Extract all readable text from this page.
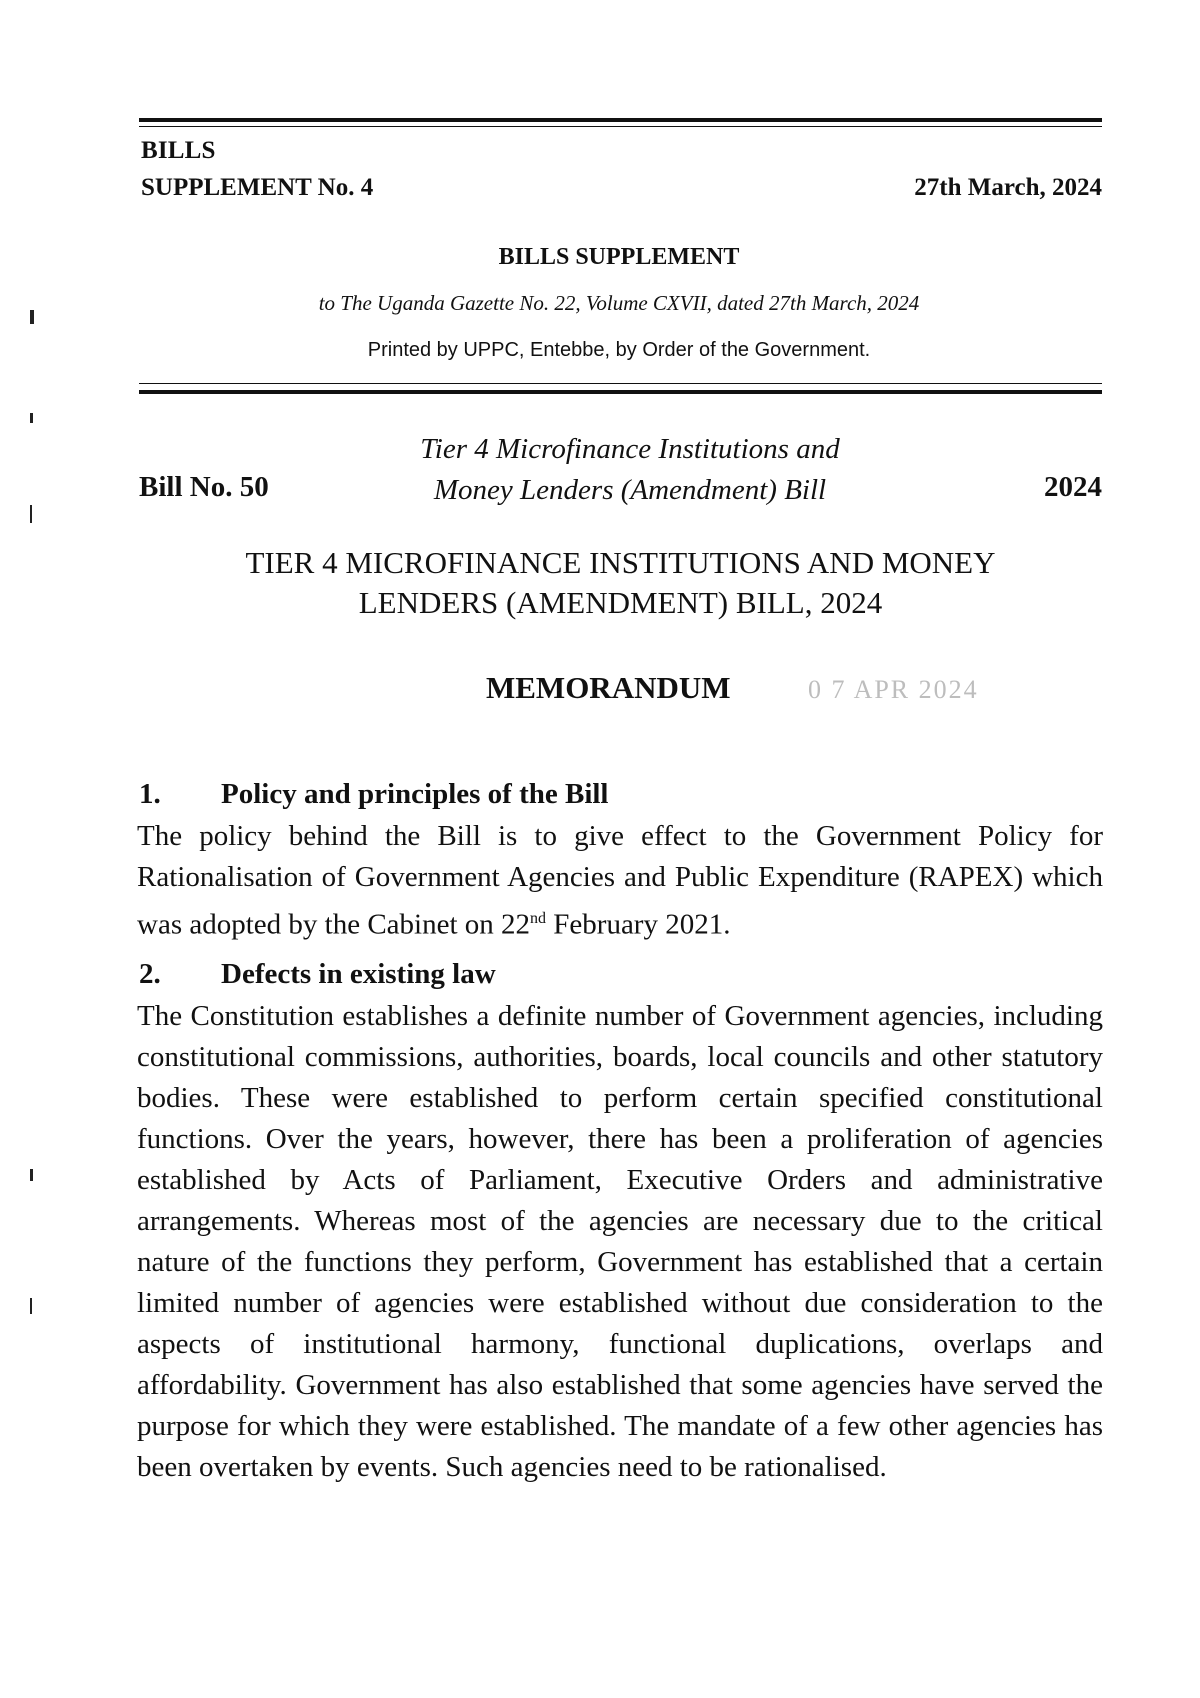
BILLS
SUPPLEMENT No. 4	27th March, 2024
BILLS SUPPLEMENT
to The Uganda Gazette No. 22, Volume CXVII, dated 27th March, 2024
Printed by UPPC, Entebbe, by Order of the Government.
Bill No. 50
Tier 4 Microfinance Institutions and
Money Lenders (Amendment) Bill	2024
TIER 4 MICROFINANCE INSTITUTIONS AND MONEY
LENDERS (AMENDMENT) BILL, 2024
MEMORANDUM	0 7 APR 2024
1. Policy and principles of the Bill
The policy behind the Bill is to give effect to the Government Policy for Rationalisation of Government Agencies and Public Expenditure (RAPEX) which was adopted by the Cabinet on 22nd February 2021.
2. Defects in existing law
The Constitution establishes a definite number of Government agencies, including constitutional commissions, authorities, boards, local councils and other statutory bodies. These were established to perform certain specified constitutional functions. Over the years, however, there has been a proliferation of agencies established by Acts of Parliament, Executive Orders and administrative arrangements. Whereas most of the agencies are necessary due to the critical nature of the functions they perform, Government has established that a certain limited number of agencies were established without due consideration to the aspects of institutional harmony, functional duplications, overlaps and affordability. Government has also established that some agencies have served the purpose for which they were established. The mandate of a few other agencies has been overtaken by events. Such agencies need to be rationalised.
